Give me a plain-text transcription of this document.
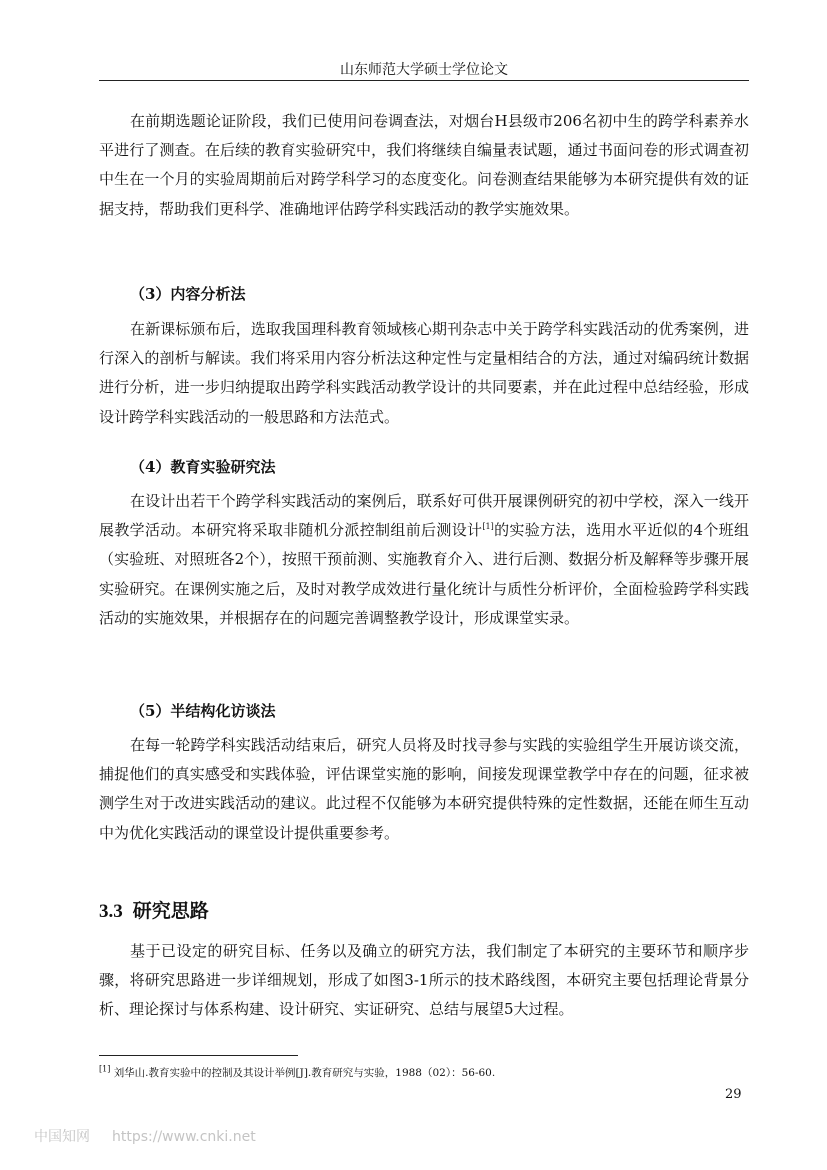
山东师范大学硕士学位论文

在前期选题论证阶段，我们已使用问卷调查法，对烟台H县级市206名初中生的跨学科素养水平进行了测查。在后续的教育实验研究中，我们将继续自编量表试题，通过书面问卷的形式调查初中生在一个月的实验周期前后对跨学科学习的态度变化。问卷测查结果能够为本研究提供有效的证据支持，帮助我们更科学、准确地评估跨学科实践活动的教学实施效果。

（3）内容分析法

在新课标颁布后，选取我国理科教育领域核心期刊杂志中关于跨学科实践活动的优秀案例，进行深入的剖析与解读。我们将采用内容分析法这种定性与定量相结合的方法，通过对编码统计数据进行分析，进一步归纳提取出跨学科实践活动教学设计的共同要素，并在此过程中总结经验，形成设计跨学科实践活动的一般思路和方法范式。

（4）教育实验研究法

在设计出若干个跨学科实践活动的案例后，联系好可供开展课例研究的初中学校，深入一线开展教学活动。本研究将采取非随机分派控制组前后测设计[1]的实验方法，选用水平近似的4个班组（实验班、对照班各2个），按照干预前测、实施教育介入、进行后测、数据分析及解释等步骤开展实验研究。在课例实施之后，及时对教学成效进行量化统计与质性分析评价，全面检验跨学科实践活动的实施效果，并根据存在的问题完善调整教学设计，形成课堂实录。

（5）半结构化访谈法

在每一轮跨学科实践活动结束后，研究人员将及时找寻参与实践的实验组学生开展访谈交流，捕捉他们的真实感受和实践体验，评估课堂实施的影响，间接发现课堂教学中存在的问题，征求被测学生对于改进实践活动的建议。此过程不仅能够为本研究提供特殊的定性数据，还能在师生互动中为优化实践活动的课堂设计提供重要参考。

3.3 研究思路

基于已设定的研究目标、任务以及确立的研究方法，我们制定了本研究的主要环节和顺序步骤，将研究思路进一步详细规划，形成了如图3-1所示的技术路线图，本研究主要包括理论背景分析、理论探讨与体系构建、设计研究、实证研究、总结与展望5大过程。

[1] 刘华山.教育实验中的控制及其设计举例[J].教育研究与实验，1988（02）：56-60.
29
中国知网 https://www.cnki.net
